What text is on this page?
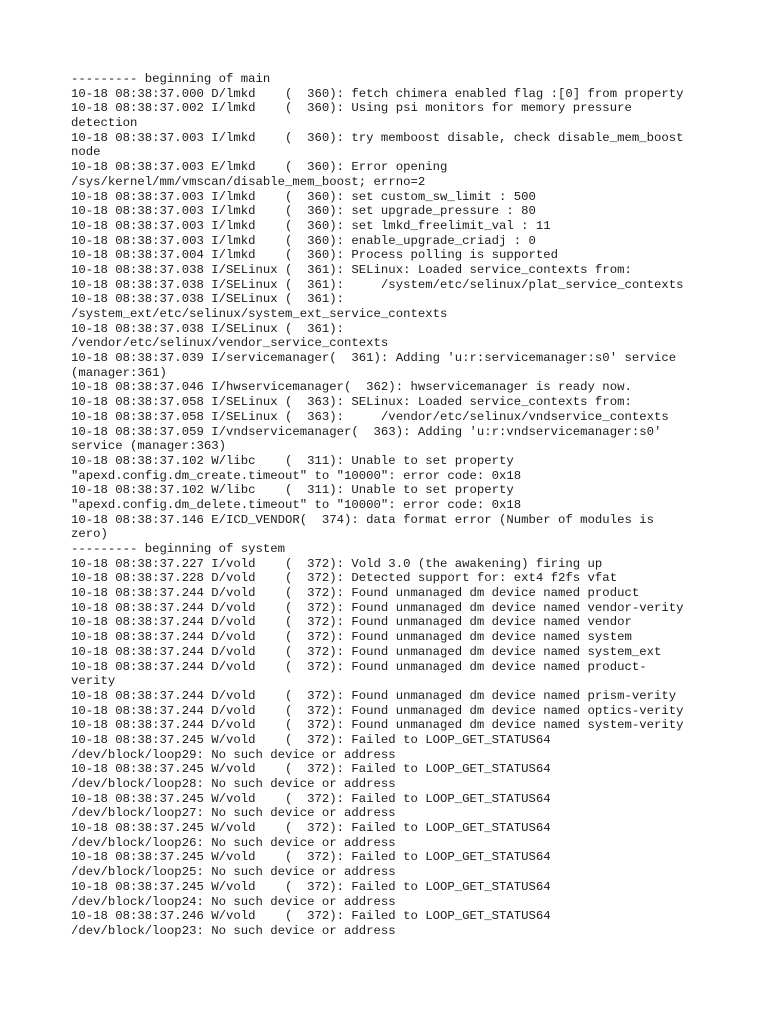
--------- beginning of main
10-18 08:38:37.000 D/lmkd    (  360): fetch chimera enabled flag :[0] from property
10-18 08:38:37.002 I/lmkd    (  360): Using psi monitors for memory pressure
detection
10-18 08:38:37.003 I/lmkd    (  360): try memboost disable, check disable_mem_boost
node
10-18 08:38:37.003 E/lmkd    (  360): Error opening
/sys/kernel/mm/vmscan/disable_mem_boost; errno=2
10-18 08:38:37.003 I/lmkd    (  360): set custom_sw_limit : 500
10-18 08:38:37.003 I/lmkd    (  360): set upgrade_pressure : 80
10-18 08:38:37.003 I/lmkd    (  360): set lmkd_freelimit_val : 11
10-18 08:38:37.003 I/lmkd    (  360): enable_upgrade_criadj : 0
10-18 08:38:37.004 I/lmkd    (  360): Process polling is supported
10-18 08:38:37.038 I/SELinux (  361): SELinux: Loaded service_contexts from:
10-18 08:38:37.038 I/SELinux (  361):     /system/etc/selinux/plat_service_contexts
10-18 08:38:37.038 I/SELinux (  361):
/system_ext/etc/selinux/system_ext_service_contexts
10-18 08:38:37.038 I/SELinux (  361):
/vendor/etc/selinux/vendor_service_contexts
10-18 08:38:37.039 I/servicemanager(  361): Adding 'u:r:servicemanager:s0' service
(manager:361)
10-18 08:38:37.046 I/hwservicemanager(  362): hwservicemanager is ready now.
10-18 08:38:37.058 I/SELinux (  363): SELinux: Loaded service_contexts from:
10-18 08:38:37.058 I/SELinux (  363):     /vendor/etc/selinux/vndservice_contexts
10-18 08:38:37.059 I/vndservicemanager(  363): Adding 'u:r:vndservicemanager:s0'
service (manager:363)
10-18 08:38:37.102 W/libc    (  311): Unable to set property
"apexd.config.dm_create.timeout" to "10000": error code: 0x18
10-18 08:38:37.102 W/libc    (  311): Unable to set property
"apexd.config.dm_delete.timeout" to "10000": error code: 0x18
10-18 08:38:37.146 E/ICD_VENDOR(  374): data format error (Number of modules is
zero)
--------- beginning of system
10-18 08:38:37.227 I/vold    (  372): Vold 3.0 (the awakening) firing up
10-18 08:38:37.228 D/vold    (  372): Detected support for: ext4 f2fs vfat
10-18 08:38:37.244 D/vold    (  372): Found unmanaged dm device named product
10-18 08:38:37.244 D/vold    (  372): Found unmanaged dm device named vendor-verity
10-18 08:38:37.244 D/vold    (  372): Found unmanaged dm device named vendor
10-18 08:38:37.244 D/vold    (  372): Found unmanaged dm device named system
10-18 08:38:37.244 D/vold    (  372): Found unmanaged dm device named system_ext
10-18 08:38:37.244 D/vold    (  372): Found unmanaged dm device named product-
verity
10-18 08:38:37.244 D/vold    (  372): Found unmanaged dm device named prism-verity
10-18 08:38:37.244 D/vold    (  372): Found unmanaged dm device named optics-verity
10-18 08:38:37.244 D/vold    (  372): Found unmanaged dm device named system-verity
10-18 08:38:37.245 W/vold    (  372): Failed to LOOP_GET_STATUS64
/dev/block/loop29: No such device or address
10-18 08:38:37.245 W/vold    (  372): Failed to LOOP_GET_STATUS64
/dev/block/loop28: No such device or address
10-18 08:38:37.245 W/vold    (  372): Failed to LOOP_GET_STATUS64
/dev/block/loop27: No such device or address
10-18 08:38:37.245 W/vold    (  372): Failed to LOOP_GET_STATUS64
/dev/block/loop26: No such device or address
10-18 08:38:37.245 W/vold    (  372): Failed to LOOP_GET_STATUS64
/dev/block/loop25: No such device or address
10-18 08:38:37.245 W/vold    (  372): Failed to LOOP_GET_STATUS64
/dev/block/loop24: No such device or address
10-18 08:38:37.246 W/vold    (  372): Failed to LOOP_GET_STATUS64
/dev/block/loop23: No such device or address
